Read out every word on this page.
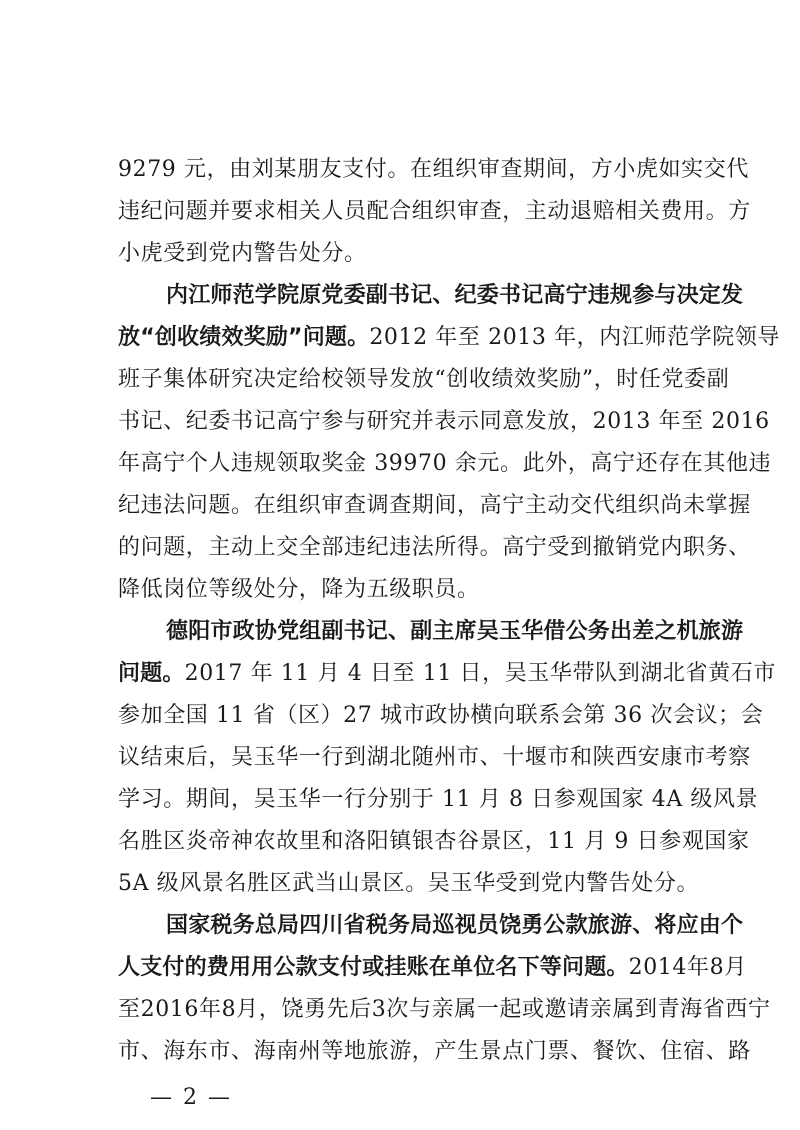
9279 元，由刘某朋友支付。在组织审查期间，方小虎如实交代
违纪问题并要求相关人员配合组织审查，主动退赔相关费用。方
小虎受到党内警告处分。
内江师范学院原党委副书记、纪委书记高宁违规参与决定发
放“创收绩效奖励”问题。2012 年至 2013 年，内江师范学院领导
班子集体研究决定给校领导发放“创收绩效奖励”，时任党委副
书记、纪委书记高宁参与研究并表示同意发放，2013 年至 2016
年高宁个人违规领取奖金 39970 余元。此外，高宁还存在其他违
纪违法问题。在组织审查调查期间，高宁主动交代组织尚未掌握
的问题，主动上交全部违纪违法所得。高宁受到撤销党内职务、
降低岗位等级处分，降为五级职员。
德阳市政协党组副书记、副主席吴玉华借公务出差之机旅游
问题。2017 年 11 月 4 日至 11 日，吴玉华带队到湖北省黄石市
参加全国 11 省（区）27 城市政协横向联系会第 36 次会议；会
议结束后，吴玉华一行到湖北随州市、十堰市和陕西安康市考察
学习。期间，吴玉华一行分别于 11 月 8 日参观国家 4A 级风景
名胜区炎帝神农故里和洛阳镇银杏谷景区，11 月 9 日参观国家
5A 级风景名胜区武当山景区。吴玉华受到党内警告处分。
国家税务总局四川省税务局巡视员饶勇公款旅游、将应由个
人支付的费用用公款支付或挂账在单位名下等问题。2014年8月
至2016年8月，饶勇先后3次与亲属一起或邀请亲属到青海省西宁
市、海东市、海南州等地旅游，产生景点门票、餐饮、住宿、路
— 2 —
